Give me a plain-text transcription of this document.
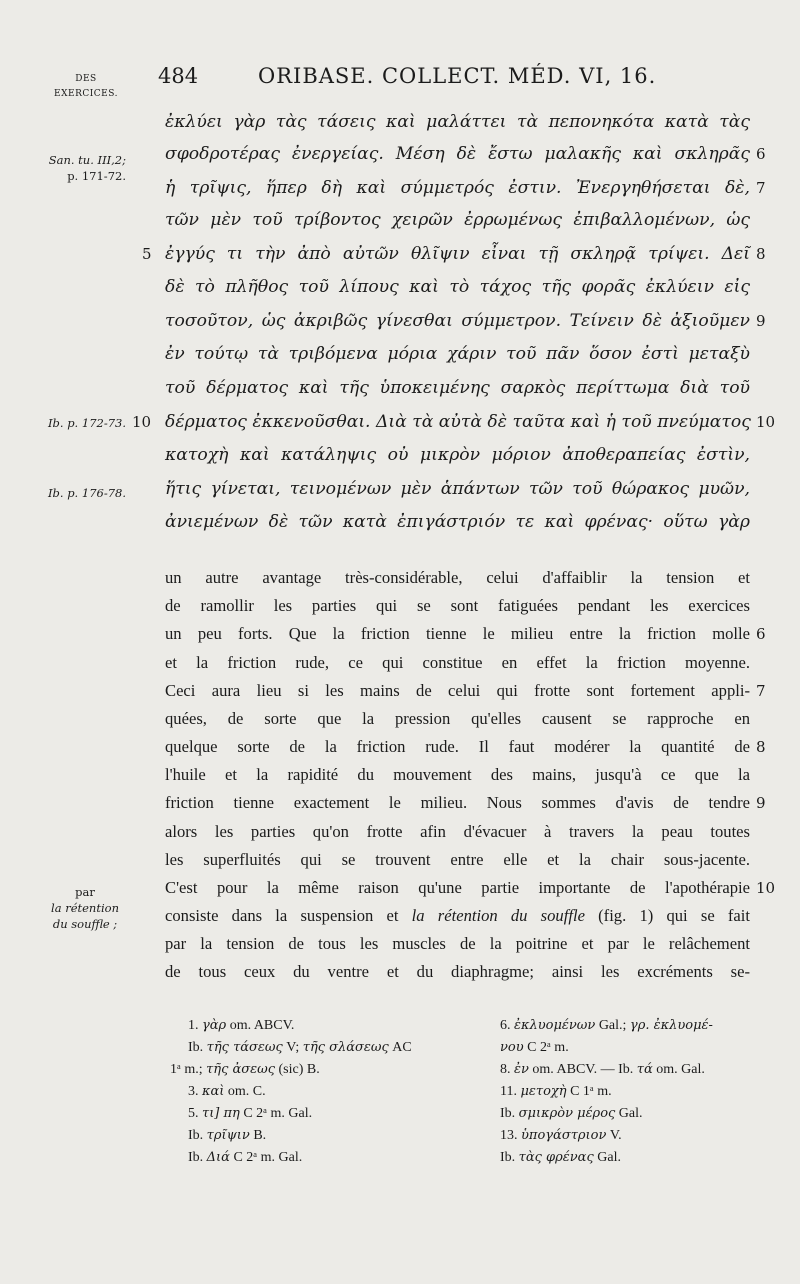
484	ORIBASE. COLLECT. MÉD. VI, 16.
DES
EXERCICES.
San. tu. III,2;
p. 171-72.
Ib. p. 172-73.
Ib. p. 176-78.
ἐκλύει γὰρ τὰς τάσεις καὶ μαλάττει τὰ πεπονηκότα κατὰ τὰς
σφοδροτέρας ἐνεργείας. Μέση δὲ ἔστω μαλακῆς καὶ σκληρᾶς
ἡ τρῖψις, ἥπερ δὴ καὶ σύμμετρός ἐστιν. Ἐνεργηθήσεται δὲ,
τῶν μὲν τοῦ τρίβοντος χειρῶν ἐρρωμένως ἐπιβαλλομένων, ὡς
ἐγγύς τι τὴν ἀπὸ αὐτῶν θλῖψιν εἶναι τῇ σκληρᾷ τρίψει. Δεῖ
δὲ τὸ πλῆθος τοῦ λίπους καὶ τὸ τάχος τῆς φορᾶς ἐκλύειν εἰς
τοσοῦτον, ὡς ἀκριβῶς γίνεσθαι σύμμετρον. Τείνειν δὲ ἀξιοῦμεν
ἐν τούτῳ τὰ τριβόμενα μόρια χάριν τοῦ πᾶν ὅσον ἐστὶ μεταξὺ
τοῦ δέρματος καὶ τῆς ὑποκειμένης σαρκὸς περίττωμα διὰ τοῦ
δέρματος ἐκκενοῦσθαι. Διὰ τὰ αὐτὰ δὲ ταῦτα καὶ ἡ τοῦ πνεύματος
κατοχὴ καὶ κατάληψις οὐ μικρὸν μόριον ἀποθεραπείας ἐστὶν,
ἥτις γίνεται, τεινομένων μὲν ἁπάντων τῶν τοῦ θώρακος μυῶν,
ἀνιεμένων δὲ τῶν κατὰ ἐπιγάστριόν τε καὶ φρένας· οὕτω γὰρ
5
10
6
7
8
9
10
un autre avantage très-considérable, celui d'affaiblir la tension et
de ramollir les parties qui se sont fatiguées pendant les exercices
un peu forts. Que la friction tienne le milieu entre la friction molle
et la friction rude, ce qui constitue en effet la friction moyenne.
Ceci aura lieu si les mains de celui qui frotte sont fortement appli-
quées, de sorte que la pression qu'elles causent se rapproche en
quelque sorte de la friction rude. Il faut modérer la quantité de
l'huile et la rapidité du mouvement des mains, jusqu'à ce que la
friction tienne exactement le milieu. Nous sommes d'avis de tendre
alors les parties qu'on frotte afin d'évacuer à travers la peau toutes
les superfluités qui se trouvent entre elle et la chair sous-jacente.
C'est pour la même raison qu'une partie importante de l'apothérapie
consiste dans la suspension et la rétention du souffle (fig. 1) qui se fait
par la tension de tous les muscles de la poitrine et par le relâchement
de tous ceux du ventre et du diaphragme; ainsi les excréments se-
6
7
8
9
10
par
la rétention
du souffle ;
1. γὰρ om. ABCV.
Ib. τῆς τάσεως V; τῆς σλάσεως AC
1ᵃ m.; τῆς ἀσεως (sic) B.
3. καὶ om. C.
5. τι] πη C 2ᵃ m. Gal.
Ib. τρῖψιν B.
Ib. Διά C 2ᵃ m. Gal.
6. ἐκλυομένων Gal.; γρ. ἐκλυομέ-
νου C 2ᵃ m.
8. ἐν om. ABCV. — Ib. τά om. Gal.
11. μετοχὴ C 1ᵃ m.
Ib. σμικρὸν μέρος Gal.
13. ὑπογάστριον V.
Ib. τὰς φρένας Gal.
